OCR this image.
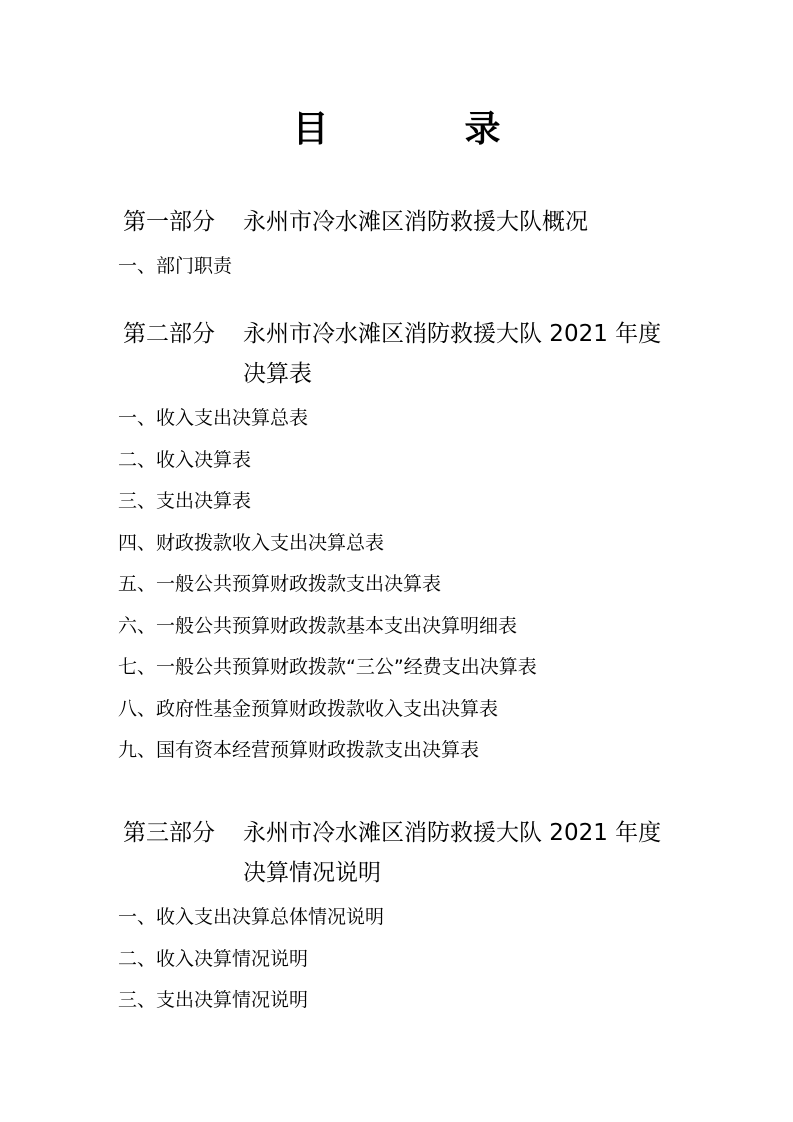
目　录
第一部分 永州市冷水滩区消防救援大队概况
一、部门职责
第二部分 永州市冷水滩区消防救援大队 2021 年度决算表
一、收入支出决算总表
二、收入决算表
三、支出决算表
四、财政拨款收入支出决算总表
五、一般公共预算财政拨款支出决算表
六、一般公共预算财政拨款基本支出决算明细表
七、一般公共预算财政拨款“三公”经费支出决算表
八、政府性基金预算财政拨款收入支出决算表
九、国有资本经营预算财政拨款支出决算表
第三部分 永州市冷水滩区消防救援大队 2021 年度决算情况说明
一、收入支出决算总体情况说明
二、收入决算情况说明
三、支出决算情况说明
